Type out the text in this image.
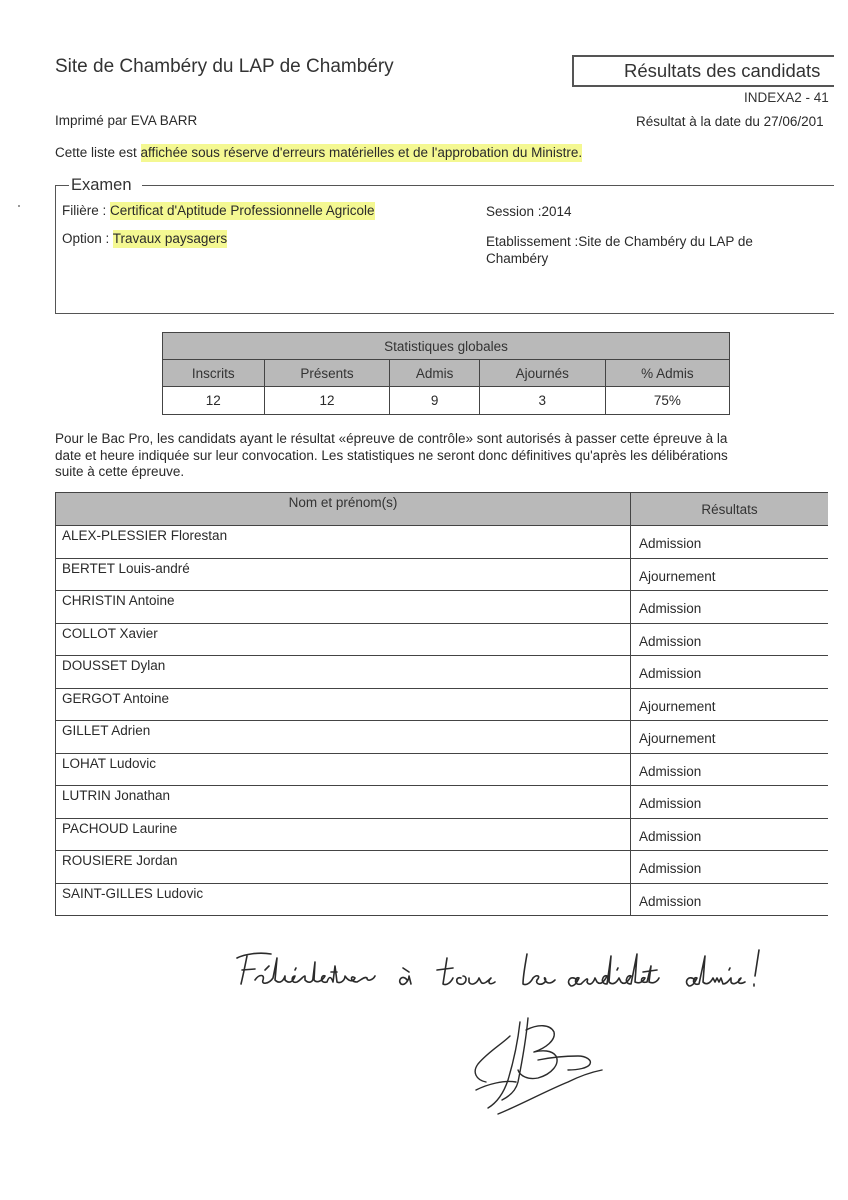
Site de Chambéry du LAP de Chambéry	Résultats des candidats
INDEXA2 - 41
Imprimé par EVA BARR	Résultat à la date du 27/06/201
Cette liste est affichée sous réserve d'erreurs matérielles et de l'approbation du Ministre.
Examen
Filière : Certificat d'Aptitude Professionnelle Agricole
Option : Travaux paysagers
Session :2014
Etablissement :Site de Chambéry du LAP de Chambéry
Statistiques globales				
Inscrits	Présents	Admis	Ajournés	% Admis
12	12	9	3	75%
Pour le Bac Pro, les candidats ayant le résultat «épreuve de contrôle» sont autorisés à passer cette épreuve à la date et heure indiquée sur leur convocation. Les statistiques ne seront donc définitives qu'après les délibérations suite à cette épreuve.
Nom et prénom(s)	Résultats
ALEX-PLESSIER Florestan	Admission
BERTET Louis-andré	Ajournement
CHRISTIN Antoine	Admission
COLLOT Xavier	Admission
DOUSSET Dylan	Admission
GERGOT Antoine	Ajournement
GILLET Adrien	Ajournement
LOHAT Ludovic	Admission
LUTRIN Jonathan	Admission
PACHOUD Laurine	Admission
ROUSIERE Jordan	Admission
SAINT-GILLES Ludovic	Admission
